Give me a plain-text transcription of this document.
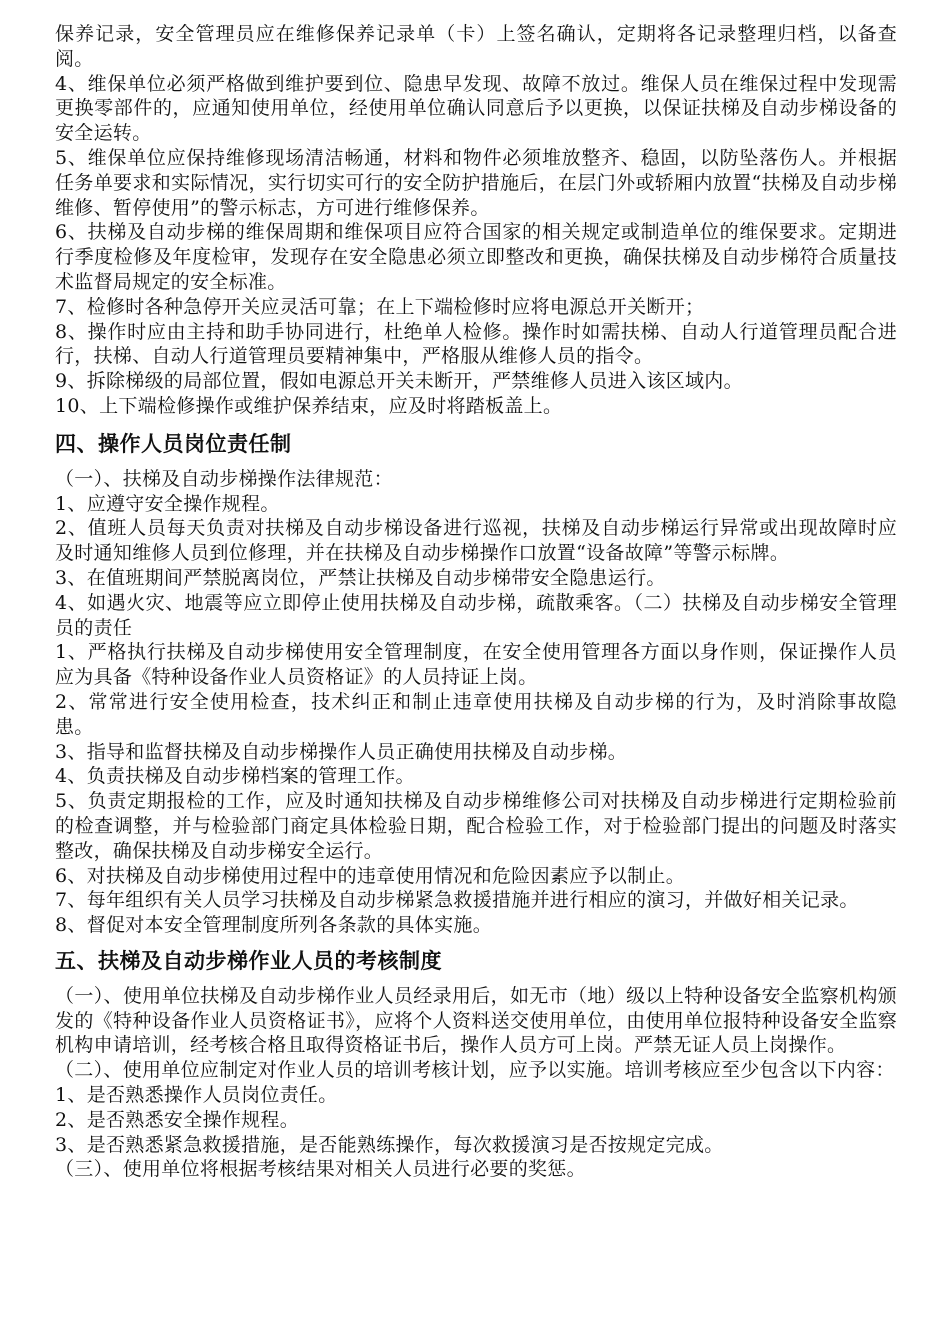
保养记录，安全管理员应在维修保养记录单（卡）上签名确认，定期将各记录整理归档，以备查阅。

4、维保单位必须严格做到维护要到位、隐患早发现、故障不放过。维保人员在维保过程中发现需更换零部件的，应通知使用单位，经使用单位确认同意后予以更换，以保证扶梯及自动步梯设备的安全运转。

5、维保单位应保持维修现场清洁畅通，材料和物件必须堆放整齐、稳固，以防坠落伤人。并根据任务单要求和实际情况，实行切实可行的安全防护措施后，在层门外或轿厢内放置“扶梯及自动步梯维修、暂停使用”的警示标志，方可进行维修保养。

6、扶梯及自动步梯的维保周期和维保项目应符合国家的相关规定或制造单位的维保要求。定期进行季度检修及年度检审，发现存在安全隐患必须立即整改和更换，确保扶梯及自动步梯符合质量技术监督局规定的安全标准。

7、检修时各种急停开关应灵活可靠；在上下端检修时应将电源总开关断开；

8、操作时应由主持和助手协同进行，杜绝单人检修。操作时如需扶梯、自动人行道管理员配合进行，扶梯、自动人行道管理员要精神集中，严格服从维修人员的指令。

9、拆除梯级的局部位置，假如电源总开关未断开，严禁维修人员进入该区域内。

10、上下端检修操作或维护保养结束，应及时将踏板盖上。

四、操作人员岗位责任制

（一）、扶梯及自动步梯操作法律规范：

1、应遵守安全操作规程。

2、值班人员每天负责对扶梯及自动步梯设备进行巡视，扶梯及自动步梯运行异常或出现故障时应及时通知维修人员到位修理，并在扶梯及自动步梯操作口放置“设备故障”等警示标牌。

3、在值班期间严禁脱离岗位，严禁让扶梯及自动步梯带安全隐患运行。

4、如遇火灾、地震等应立即停止使用扶梯及自动步梯，疏散乘客。（二）扶梯及自动步梯安全管理员的责任

1、严格执行扶梯及自动步梯使用安全管理制度，在安全使用管理各方面以身作则，保证操作人员应为具备《特种设备作业人员资格证》的人员持证上岗。

2、常常进行安全使用检查，技术纠正和制止违章使用扶梯及自动步梯的行为，及时消除事故隐患。

3、指导和监督扶梯及自动步梯操作人员正确使用扶梯及自动步梯。

4、负责扶梯及自动步梯档案的管理工作。

5、负责定期报检的工作，应及时通知扶梯及自动步梯维修公司对扶梯及自动步梯进行定期检验前的检查调整，并与检验部门商定具体检验日期，配合检验工作，对于检验部门提出的问题及时落实整改，确保扶梯及自动步梯安全运行。

6、对扶梯及自动步梯使用过程中的违章使用情况和危险因素应予以制止。

7、每年组织有关人员学习扶梯及自动步梯紧急救援措施并进行相应的演习，并做好相关记录。

8、督促对本安全管理制度所列各条款的具体实施。

五、扶梯及自动步梯作业人员的考核制度

（一）、使用单位扶梯及自动步梯作业人员经录用后，如无市（地）级以上特种设备安全监察机构颁发的《特种设备作业人员资格证书》，应将个人资料送交使用单位，由使用单位报特种设备安全监察机构申请培训，经考核合格且取得资格证书后，操作人员方可上岗。严禁无证人员上岗操作。

（二）、使用单位应制定对作业人员的培训考核计划，应予以实施。培训考核应至少包含以下内容：

1、是否熟悉操作人员岗位责任。

2、是否熟悉安全操作规程。

3、是否熟悉紧急救援措施，是否能熟练操作，每次救援演习是否按规定完成。

（三）、使用单位将根据考核结果对相关人员进行必要的奖惩。
